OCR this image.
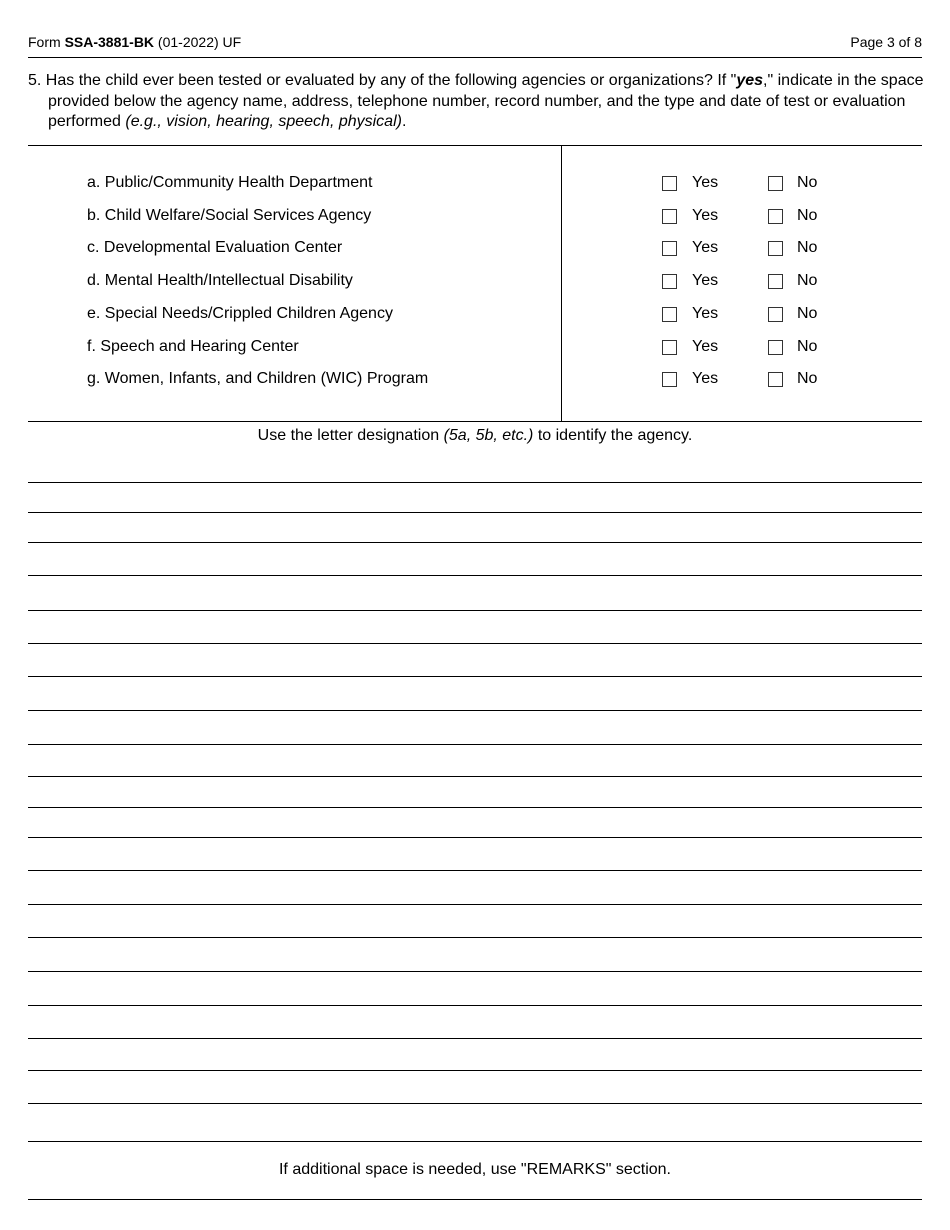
Form SSA-3881-BK (01-2022) UF	Page 3 of 8
5. Has the child ever been tested or evaluated by any of the following agencies or organizations? If "yes," indicate in the space provided below the agency name, address, telephone number, record number, and the type and date of test or evaluation performed (e.g., vision, hearing, speech, physical).
a. Public/Community Health Department	Yes	No
b. Child Welfare/Social Services Agency	Yes	No
c. Developmental Evaluation Center	Yes	No
d. Mental Health/Intellectual Disability	Yes	No
e. Special Needs/Crippled Children Agency	Yes	No
f. Speech and Hearing Center	Yes	No
g. Women, Infants, and Children (WIC) Program	Yes	No
Use the letter designation (5a, 5b, etc.) to identify the agency.
If additional space is needed, use "REMARKS" section.
